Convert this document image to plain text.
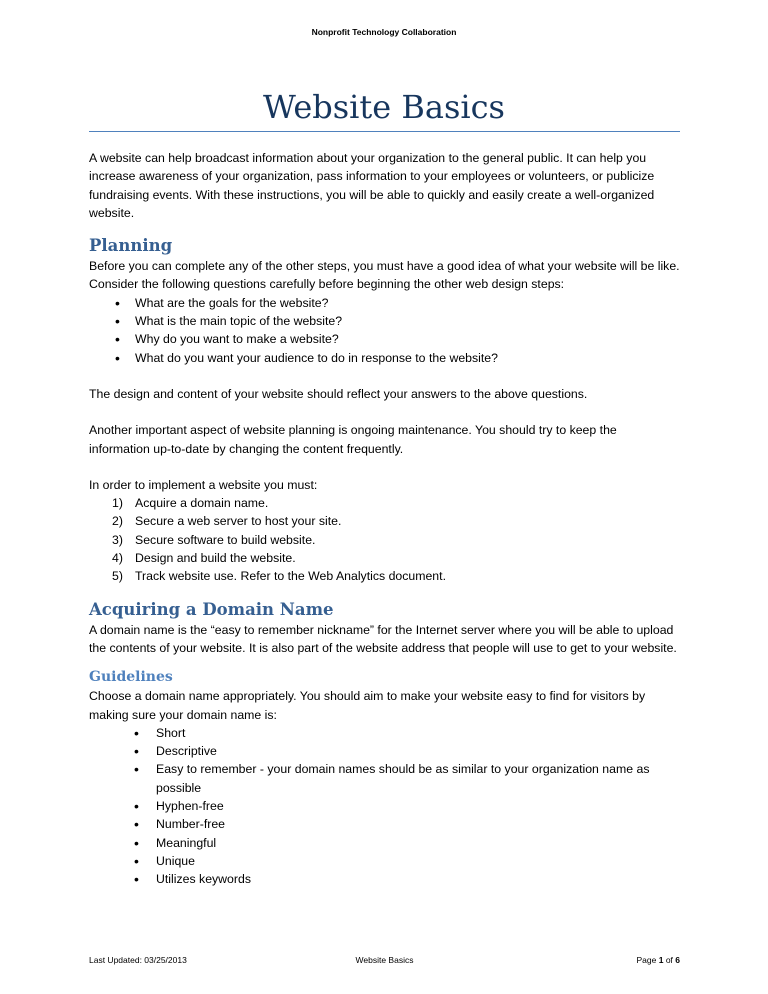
Nonprofit Technology Collaboration
Website Basics

A website can help broadcast information about your organization to the general public. It can help you increase awareness of your organization, pass information to your employees or volunteers, or publicize fundraising events. With these instructions, you will be able to quickly and easily create a well-organized website.

Planning

Before you can complete any of the other steps, you must have a good idea of what your website will be like. Consider the following questions carefully before beginning the other web design steps:

• What are the goals for the website?
• What is the main topic of the website?
• Why do you want to make a website?
• What do you want your audience to do in response to the website?

The design and content of your website should reflect your answers to the above questions.

Another important aspect of website planning is ongoing maintenance. You should try to keep the information up-to-date by changing the content frequently.

In order to implement a website you must:

1) Acquire a domain name.
2) Secure a web server to host your site.
3) Secure software to build website.
4) Design and build the website.
5) Track website use. Refer to the Web Analytics document.
Acquiring a Domain Name

A domain name is the “easy to remember nickname” for the Internet server where you will be able to upload the contents of your website. It is also part of the website address that people will use to get to your website.

Guidelines

Choose a domain name appropriately. You should aim to make your website easy to find for visitors by making sure your domain name is:

• Short
• Descriptive
• Easy to remember - your domain names should be as similar to your organization name as possible
• Hyphen-free
• Number-free
• Meaningful
• Unique
• Utilizes keywords
Last Updated: 03/25/2013	Website Basics	Page 1 of 6
